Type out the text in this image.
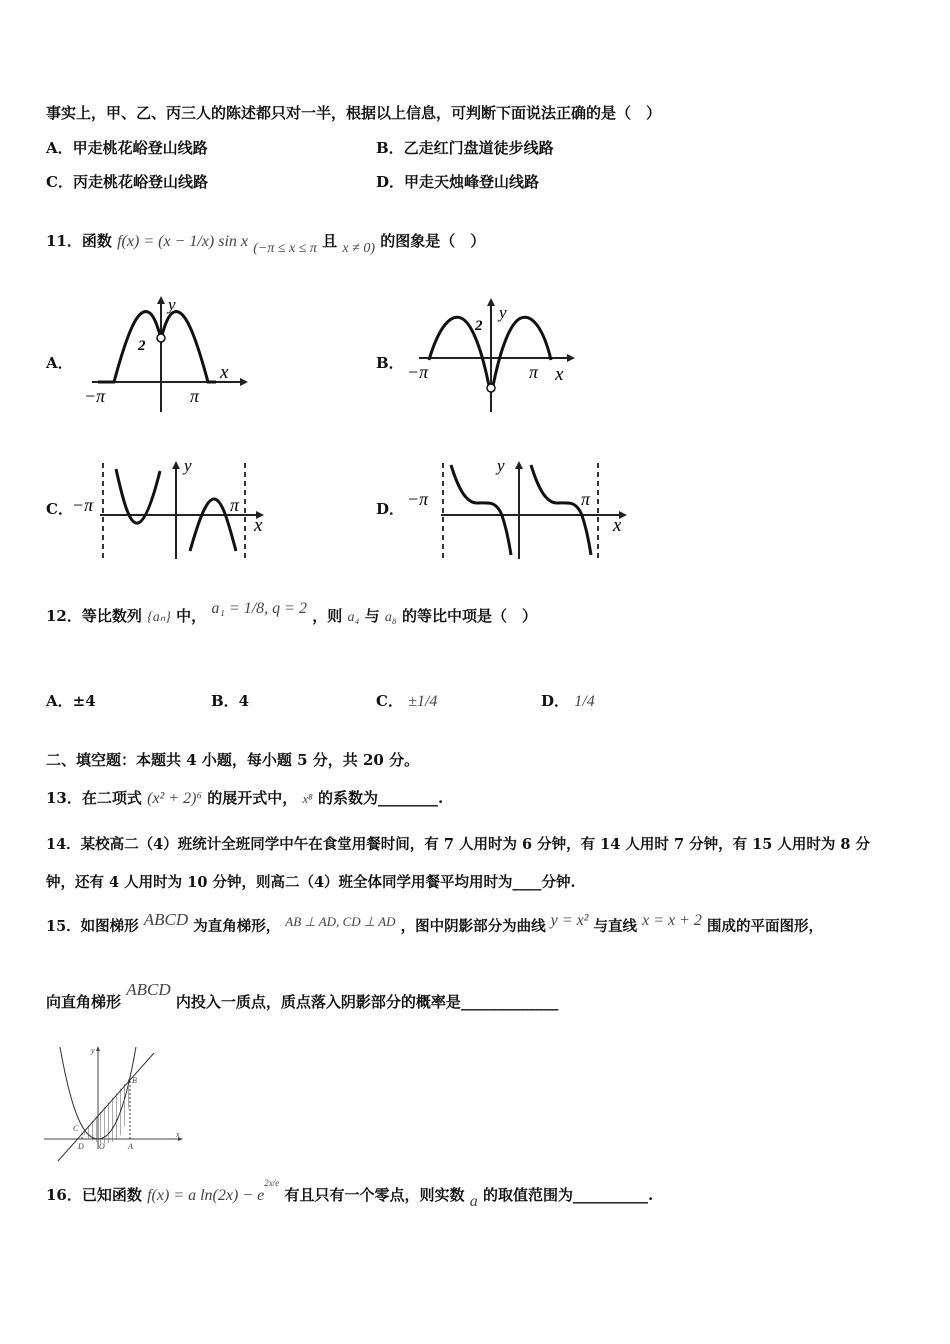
事实上，甲、乙、丙三人的陈述都只对一半，根据以上信息，可判断下面说法正确的是（　）
A．甲走桃花峪登山线路	B．乙走红门盘道徒步线路
C．丙走桃花峪登山线路	D．甲走天烛峰登山线路
11．函数 f(x) = (x − 1/x) sin x (−π ≤ x ≤ π 且 x ≠ 0) 的图象是（　）
A．	B．
C．	D．
y
2
x
−π	π
y
2
x
−π	π
y
x
−π	π
y
x
−π	π
12．等比数列 {aₙ} 中， a₁ = 1/8, q = 2 ，则 a₄ 与 a₈ 的等比中项是（　）
A．±4	B．4	C． ±1/4	D． 1/4
二、填空题：本题共 4 小题，每小题 5 分，共 20 分。
13．在二项式 (x² + 2)⁶ 的展开式中， x⁸ 的系数为________.
14．某校高二（4）班统计全班同学中午在食堂用餐时间，有 7 人用时为 6 分钟，有 14 人用时 7 分钟，有 15 人用时为 8 分
钟，还有 4 人用时为 10 分钟，则高二（4）班全体同学用餐平均用时为____分钟.
15．如图梯形 ABCD 为直角梯形， AB ⊥ AD, CD ⊥ AD ，图中阴影部分为曲线 y = x² 与直线 x = x + 2 围成的平面图形，
向直角梯形 ABCD 内投入一质点，质点落入阴影部分的概率是_____________
x
y
B
C
D O	A
16．已知函数 f(x) = a $\ln(2x) - e^{2x/e}$ 有且只有一个零点，则实数 a 的取值范围为__________.
